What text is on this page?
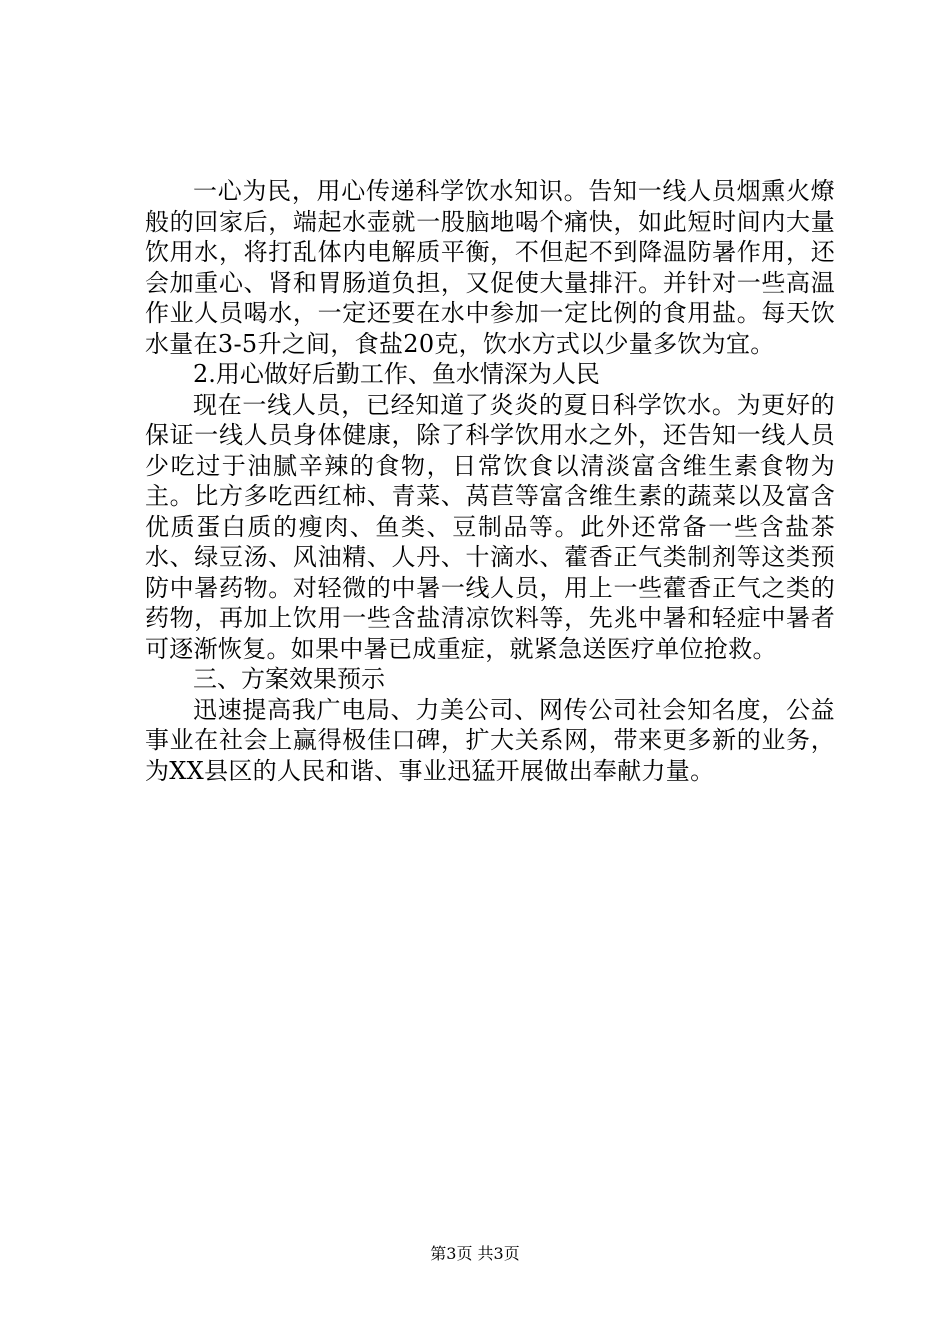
一心为民，用心传递科学饮水知识。告知一线人员烟熏火燎般的回家后，端起水壶就一股脑地喝个痛快，如此短时间内大量饮用水，将打乱体内电解质平衡，不但起不到降温防暑作用，还会加重心、肾和胃肠道负担，又促使大量排汗。并针对一些高温作业人员喝水，一定还要在水中参加一定比例的食用盐。每天饮水量在3-5升之间，食盐20克，饮水方式以少量多饮为宜。

2.用心做好后勤工作、鱼水情深为人民

现在一线人员，已经知道了炎炎的夏日科学饮水。为更好的保证一线人员身体健康，除了科学饮用水之外，还告知一线人员少吃过于油腻辛辣的食物，日常饮食以清淡富含维生素食物为主。比方多吃西红柿、青菜、莴苣等富含维生素的蔬菜以及富含优质蛋白质的瘦肉、鱼类、豆制品等。此外还常备一些含盐茶水、绿豆汤、风油精、人丹、十滴水、藿香正气类制剂等这类预防中暑药物。对轻微的中暑一线人员，用上一些藿香正气之类的药物，再加上饮用一些含盐清凉饮料等，先兆中暑和轻症中暑者可逐渐恢复。如果中暑已成重症，就紧急送医疗单位抢救。

三、方案效果预示

迅速提高我广电局、力美公司、网传公司社会知名度，公益事业在社会上赢得极佳口碑，扩大关系网，带来更多新的业务，为XX县区的人民和谐、事业迅猛开展做出奉献力量。

第3页 共3页
